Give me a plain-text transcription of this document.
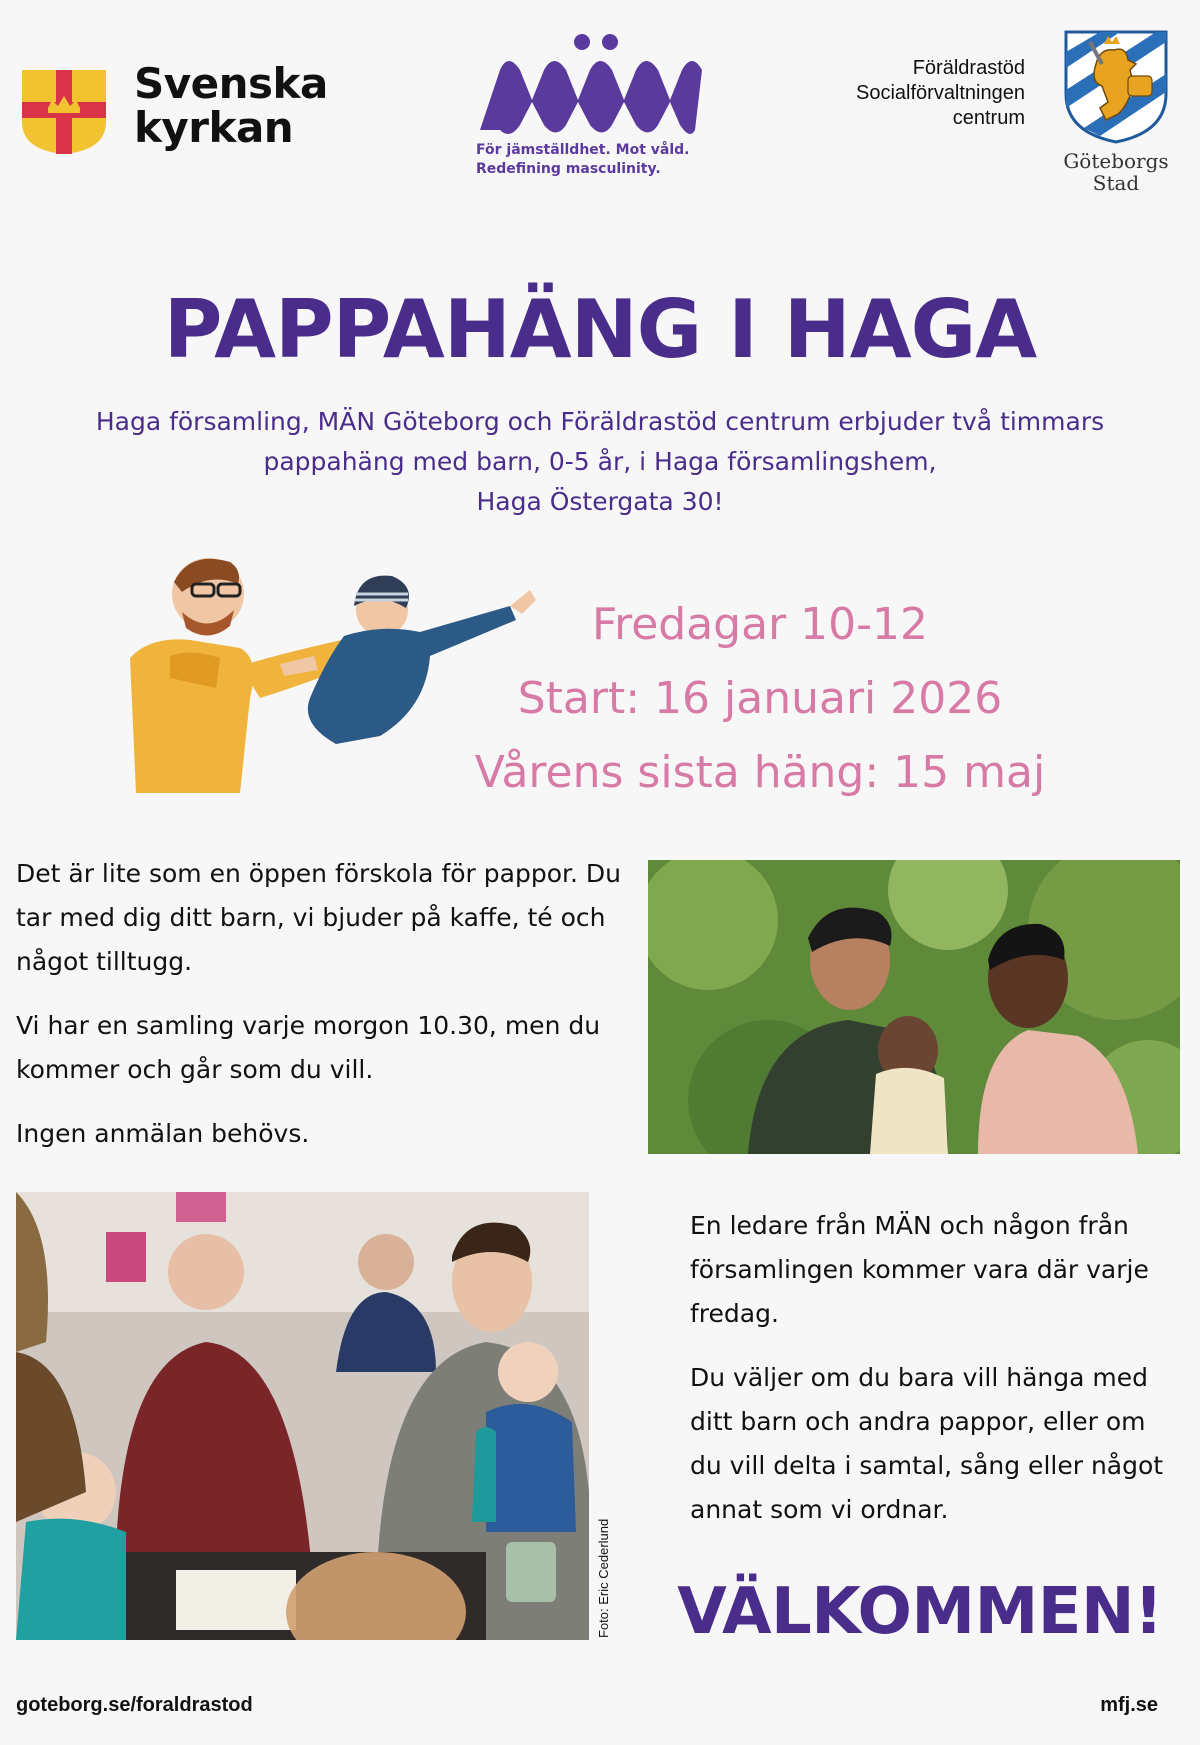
Svenska
kyrkan	För jämställdhet. Mot våld.
Redefining masculinity.
Föräldrastöd
Socialförvaltningen
centrum
Göteborgs
Stad
PAPPAHÄNG I HAGA
Haga församling, MÄN Göteborg och Föräldrastöd centrum erbjuder två timmars
pappahäng med barn, 0-5 år, i Haga församlingshem,
Haga Östergata 30!
Fredagar 10-12
Start: 16 januari 2026
Vårens sista häng: 15 maj

Det är lite som en öppen förskola för pappor. Du tar med dig ditt barn, vi bjuder på kaffe, té och något tilltugg.

Vi har en samling varje morgon 10.30, men du kommer och går som du vill.

Ingen anmälan behövs.

Foto: Eric Cederlund

En ledare från MÄN och någon från församlingen kommer vara där varje fredag.

Du väljer om du bara vill hänga med ditt barn och andra pappor, eller om du vill delta i samtal, sång eller något annat som vi ordnar.

VÄLKOMMEN!
goteborg.se/foraldrastod	mfj.se
